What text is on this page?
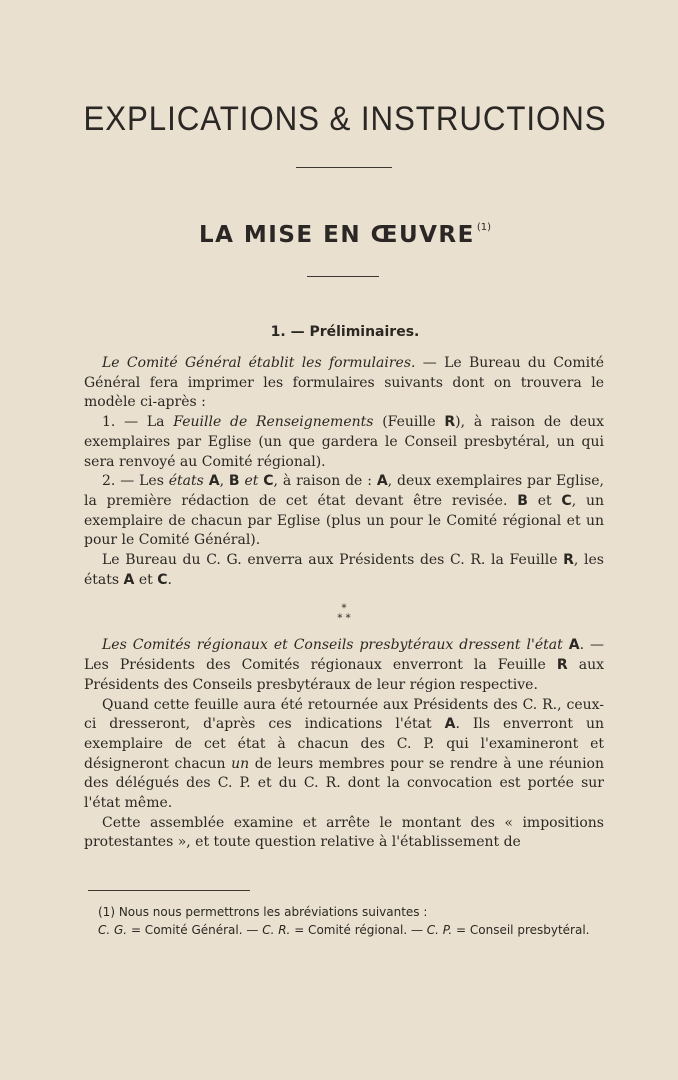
EXPLICATIONS & INSTRUCTIONS
LA MISE EN ŒUVRE $^{(1)}$
1. — Préliminaires.

Le Comité Général établit les formulaires. — Le Bureau du Comité Général fera imprimer les formulaires suivants dont on trouvera le modèle ci-après :

1. — La Feuille de Renseignements (Feuille R), à raison de deux exemplaires par Eglise (un que gardera le Conseil presbytéral, un qui sera renvoyé au Comité régional).

2. — Les états A, B et C, à raison de : A, deux exemplaires par Eglise, la première rédaction de cet état devant être revisée. B et C, un exemplaire de chacun par Eglise (plus un pour le Comité régional et un pour le Comité Général).

Le Bureau du C. G. enverra aux Présidents des C. R. la Feuille R, les états A et C.

*
* *

Les Comités régionaux et Conseils presbytéraux dressent l'état A. — Les Présidents des Comités régionaux enverront la Feuille R aux Présidents des Conseils presbytéraux de leur région respective.

Quand cette feuille aura été retournée aux Présidents des C. R., ceux-ci dresseront, d'après ces indications l'état A. Ils enverront un exemplaire de cet état à chacun des C. P. qui l'examineront et désigneront chacun un de leurs membres pour se rendre à une réunion des délégués des C. P. et du C. R. dont la convocation est portée sur l'état même.

Cette assemblée examine et arrête le montant des « impositions protestantes », et toute question relative à l'établissement de

(1) Nous nous permettrons les abréviations suivantes :

C. G. = Comité Général. — C. R. = Comité régional. — C. P. = Conseil presbytéral.
